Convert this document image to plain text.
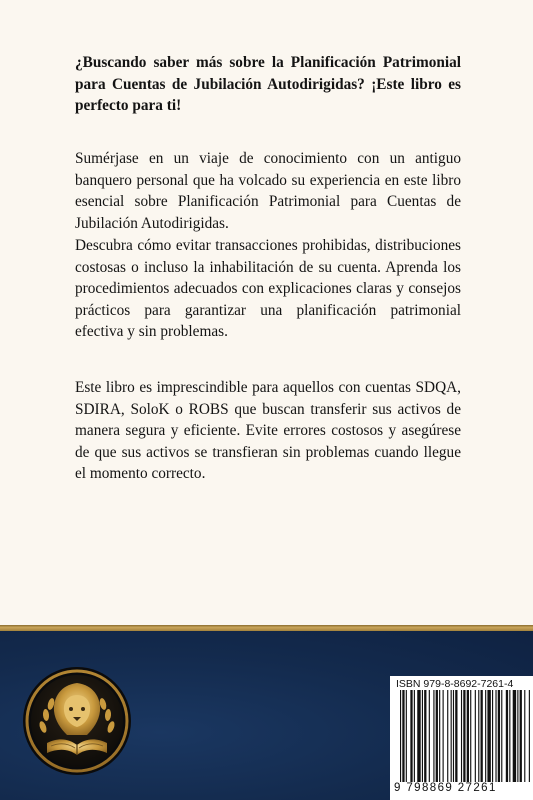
¿Buscando saber más sobre la Planificación Patrimonial para Cuentas de Jubilación Autodirigidas? ¡Este libro es perfecto para ti!

Sumérjase en un viaje de conocimiento con un antiguo banquero personal que ha volcado su experiencia en este libro esencial sobre Planificación Patrimonial para Cuentas de Jubilación Autodirigidas.

Descubra cómo evitar transacciones prohibidas, distribuciones costosas o incluso la inhabilitación de su cuenta. Aprenda los procedimientos adecuados con explicaciones claras y consejos prácticos para garantizar una planificación patrimonial efectiva y sin problemas.

Este libro es imprescindible para aquellos con cuentas SDQA, SDIRA, SoloK o ROBS que buscan transferir sus activos de manera segura y eficiente. Evite errores costosos y asegúrese de que sus activos se transfieran sin problemas cuando llegue el momento correcto.

ISBN 979-8-8692-7261-4
9 798869 27261
